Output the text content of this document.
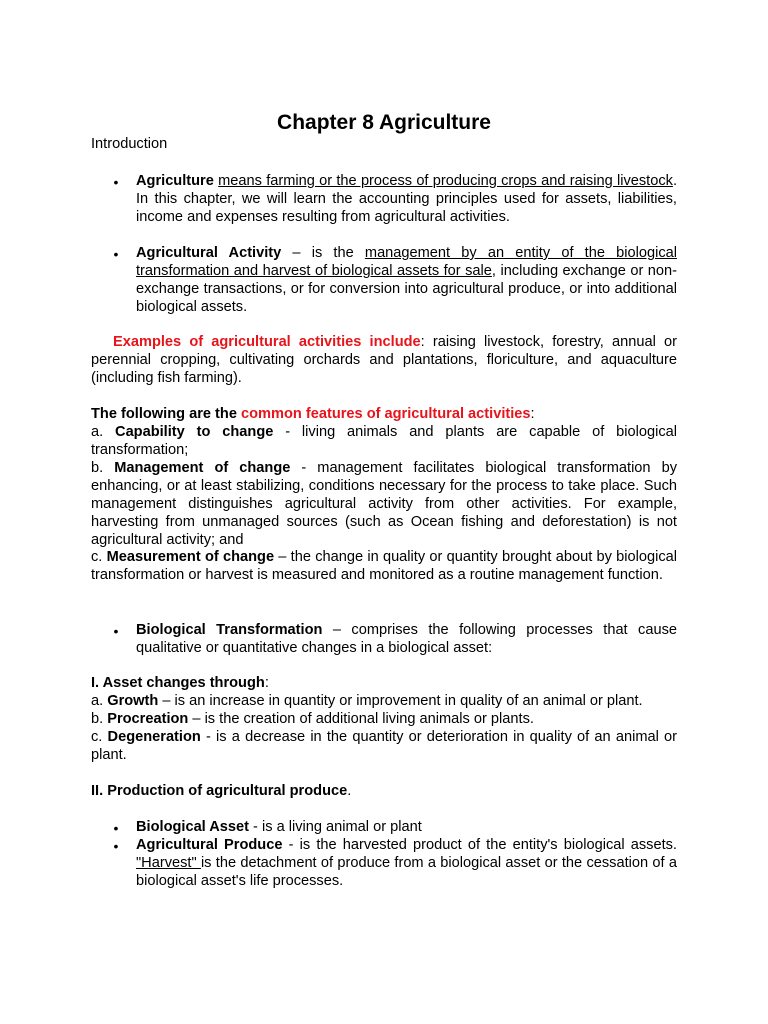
Chapter 8 Agriculture
Introduction
• Agriculture means farming or the process of producing crops and raising livestock. In this chapter, we will learn the accounting principles used for assets, liabilities, income and expenses resulting from agricultural activities.
• Agricultural Activity – is the management by an entity of the biological transformation and harvest of biological assets for sale, including exchange or non-exchange transactions, or for conversion into agricultural produce, or into additional biological assets.
Examples of agricultural activities include: raising livestock, forestry, annual or perennial cropping, cultivating orchards and plantations, floriculture, and aquaculture (including fish farming).
The following are the common features of agricultural activities:
a. Capability to change - living animals and plants are capable of biological transformation;
b. Management of change - management facilitates biological transformation by enhancing, or at least stabilizing, conditions necessary for the process to take place. Such management distinguishes agricultural activity from other activities. For example, harvesting from unmanaged sources (such as Ocean fishing and deforestation) is not agricultural activity; and
c. Measurement of change – the change in quality or quantity brought about by biological transformation or harvest is measured and monitored as a routine management function.
• Biological Transformation – comprises the following processes that cause qualitative or quantitative changes in a biological asset:
I. Asset changes through:
a. Growth – is an increase in quantity or improvement in quality of an animal or plant.
b. Procreation – is the creation of additional living animals or plants.
c. Degeneration - is a decrease in the quantity or deterioration in quality of an animal or plant.
II. Production of agricultural produce.
• Biological Asset - is a living animal or plant
• Agricultural Produce - is the harvested product of the entity's biological assets. "Harvest" is the detachment of produce from a biological asset or the cessation of a biological asset's life processes.
